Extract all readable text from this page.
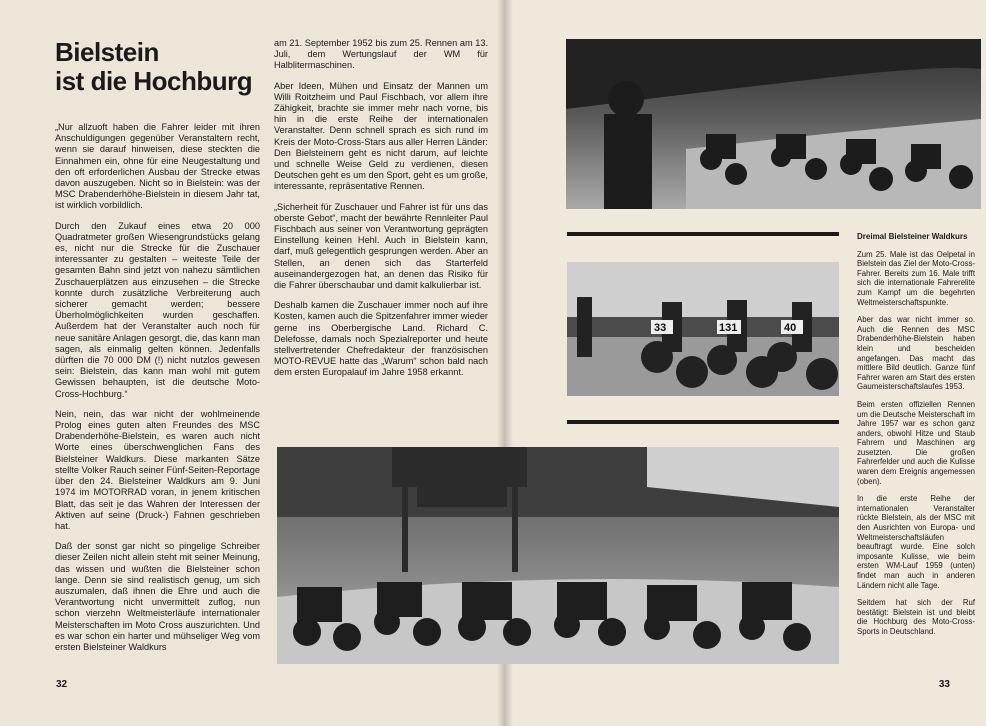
Bielstein
ist die Hochburg

„Nur allzuoft haben die Fahrer leider mit ihren Anschuldigungen gegenüber Veranstaltern recht, wenn sie darauf hinweisen, diese steckten die Einnahmen ein, ohne für eine Neugestaltung und den oft erforderlichen Ausbau der Strecke etwas davon auszugeben. Nicht so in Bielstein: was der MSC Drabenderhöhe-Bielstein in diesem Jahr tat, ist wirklich vorbildlich.

Durch den Zukauf eines etwa 20 000 Quadratmeter großen Wiesengrundstücks gelang es, nicht nur die Strecke für die Zuschauer interessanter zu gestalten – weiteste Teile der gesamten Bahn sind jetzt von nahezu sämtlichen Zuschauerplätzen aus einzusehen – die Strecke konnte durch zusätzliche Verbreiterung auch sicherer gemacht werden; bessere Überholmöglichkeiten wurden geschaffen. Außerdem hat der Veranstalter auch noch für neue sanitäre Anlagen gesorgt, die, das kann man sagen, als einmalig gelten können. Jedenfalls dürften die 70 000 DM (!) nicht nutzlos gewesen sein: Bielstein, das kann man wohl mit gutem Gewissen behaupten, ist die deutsche Moto-Cross-Hochburg.“

Nein, nein, das war nicht der wohlmeinende Prolog eines guten alten Freundes des MSC Drabenderhöhe-Bielstein, es waren auch nicht Worte eines überschwenglichen Fans des Bielsteiner Waldkurs. Diese markanten Sätze stellte Volker Rauch seiner Fünf-Seiten-Reportage über den 24. Bielsteiner Waldkurs am 9. Juni 1974 im MOTORRAD voran, in jenem kritischen Blatt, das seit je das Wahren der Interessen der Aktiven auf seine (Druck-) Fahnen geschrieben hat.

Daß der sonst gar nicht so pingelige Schreiber dieser Zeilen nicht allein steht mit seiner Meinung, das wissen und wußten die Bielsteiner schon lange. Denn sie sind realistisch genug, um sich auszumalen, daß ihnen die Ehre und auch die Verantwortung nicht unvermittelt zuflog, nun schon vierzehn Weltmeisterläufe internationaler Meisterschaften im Moto Cross auszurichten. Und es war schon ein harter und mühseliger Weg vom ersten Bielsteiner Waldkurs

am 21. September 1952 bis zum 25. Rennen am 13. Juli, dem Wertungslauf der WM für Halblitermaschinen.

Aber Ideen, Mühen und Einsatz der Mannen um Willi Roitzheim und Paul Fischbach, vor allem ihre Zähigkeit, brachte sie immer mehr nach vorne, bis hin in die erste Reihe der internationalen Veranstalter. Denn schnell sprach es sich rund im Kreis der Moto-Cross-Stars aus aller Herren Länder: Den Bielsteinern geht es nicht darum, auf leichte und schnelle Weise Geld zu verdienen, diesen Deutschen geht es um den Sport, geht es um große, interessante, repräsentative Rennen.

„Sicherheit für Zuschauer und Fahrer ist für uns das oberste Gebot“, macht der bewährte Rennleiter Paul Fischbach aus seiner von Verantwortung geprägten Einstellung keinen Hehl. Auch in Bielstein kann, darf, muß gelegentlich gesprungen werden. Aber an Stellen, an denen sich das Starterfeld auseinandergezogen hat, an denen das Risiko für die Fahrer überschaubar und damit kalkulierbar ist.

Deshalb kamen die Zuschauer immer noch auf ihre Kosten, kamen auch die Spitzenfahrer immer wieder gerne ins Oberbergische Land. Richard C. Delefosse, damals noch Spezialreporter und heute stellvertretender Chefredakteur der französischen MOTO-REVUE hatte das „Warum“ schon bald nach dem ersten Europalauf im Jahre 1958 erkannt.

32	33
33	131	40
Dreimal Bielsteiner Waldkurs

Zum 25. Male ist das Oelpetal in Bielstein das Ziel der Moto-Cross-Fahrer. Bereits zum 16. Male trifft sich die internationale Fahrerelite zum Kampf um die begehrten Weltmeisterschaftspunkte.

Aber das war nicht immer so. Auch die Rennen des MSC Drabenderhöhe-Bielstein haben klein und bescheiden angefangen. Das macht das mittlere Bild deutlich. Ganze fünf Fahrer waren am Start des ersten Gaumeisterschaftslaufes 1953.

Beim ersten offiziellen Rennen um die Deutsche Meisterschaft im Jahre 1957 war es schon ganz anders, obwohl Hitze und Staub Fahrern und Maschinen arg zusetzten. Die großen Fahrerfelder und auch die Kulisse waren dem Ereignis angemessen (oben).

In die erste Reihe der internationalen Veranstalter rückte Bielstein, als der MSC mit den Ausrichten von Europa- und Weltmeisterschaftsläufen beauftragt wurde. Eine solch imposante Kulisse, wie beim ersten WM-Lauf 1959 (unten) findet man auch in anderen Ländern nicht alle Tage.

Seitdem hat sich der Ruf bestätigt: Bielstein ist und bleibt die Hochburg des Moto-Cross-Sports in Deutschland.
